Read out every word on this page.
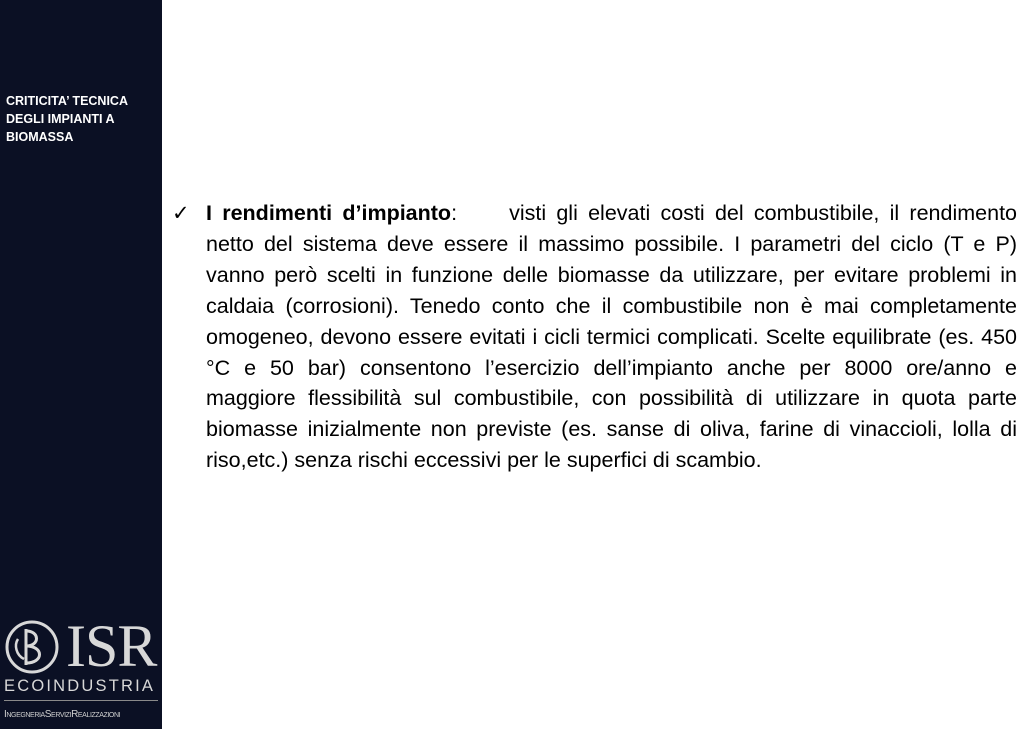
CRITICITA’ TECNICA
DEGLI IMPIANTI A
BIOMASSA
ISR
ECOINDUSTRIA
IngegneriaServiziRealizzazioni
✓ I rendimenti d’impianto: visti gli elevati costi del combustibile, il rendimento netto del sistema deve essere il massimo possibile. I parametri del ciclo (T e P) vanno però scelti in funzione delle biomasse da utilizzare, per evitare problemi in caldaia (corrosioni). Tenedo conto che il combustibile non è mai completamente omogeneo, devono essere evitati i cicli termici complicati. Scelte equilibrate (es. 450 °C e 50 bar) consentono l’esercizio dell’impianto anche per 8000 ore/anno e maggiore flessibilità sul combustibile, con possibilità di utilizzare in quota parte biomasse inizialmente non previste (es. sanse di oliva, farine di vinaccioli, lolla di riso,etc.) senza rischi eccessivi per le superfici di scambio.
